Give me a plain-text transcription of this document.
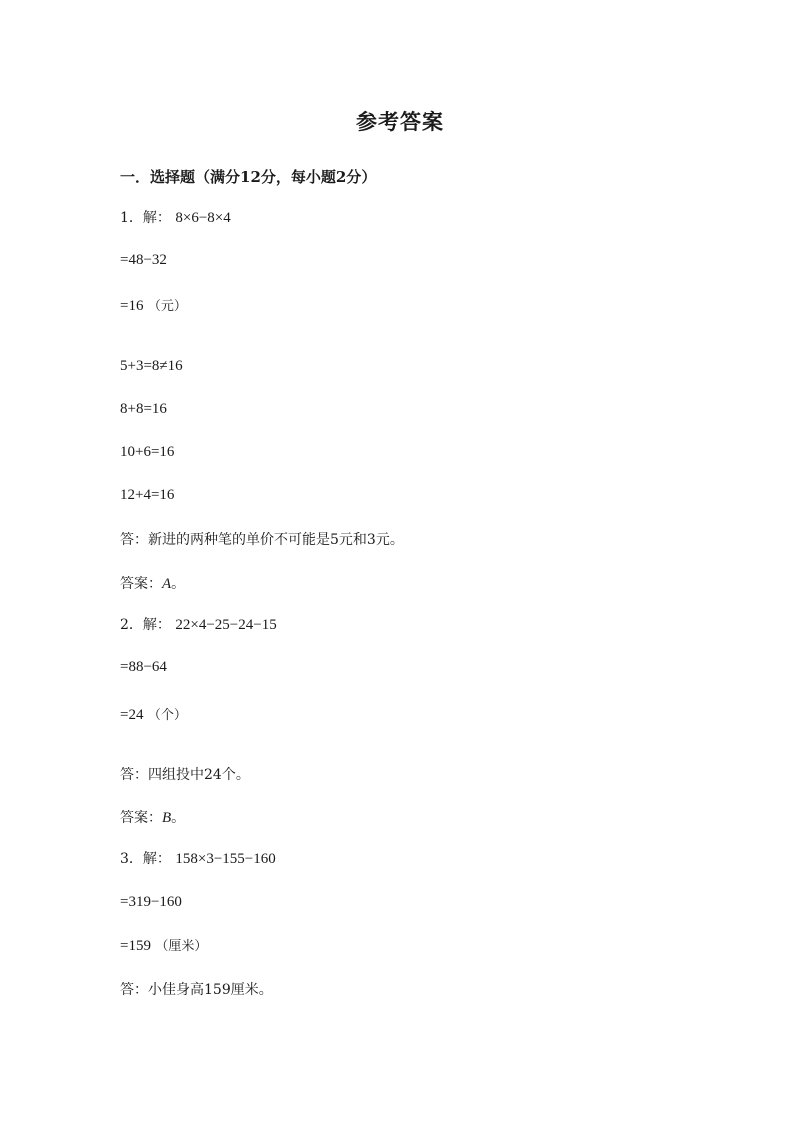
参考答案
一．选择题（满分12分，每小题2分）
1．解： 8×6−8×4
=48−32
=16 （元）
5+3=8≠16
8+8=16
10+6=16
12+4=16
答：新进的两种笔的单价不可能是5元和3元。
答案：A。
2．解： 22×4−25−24−15
=88−64
=24 （个）
答：四组投中24个。
答案：B。
3．解： 158×3−155−160
=319−160
=159 （厘米）
答：小佳身高159厘米。
